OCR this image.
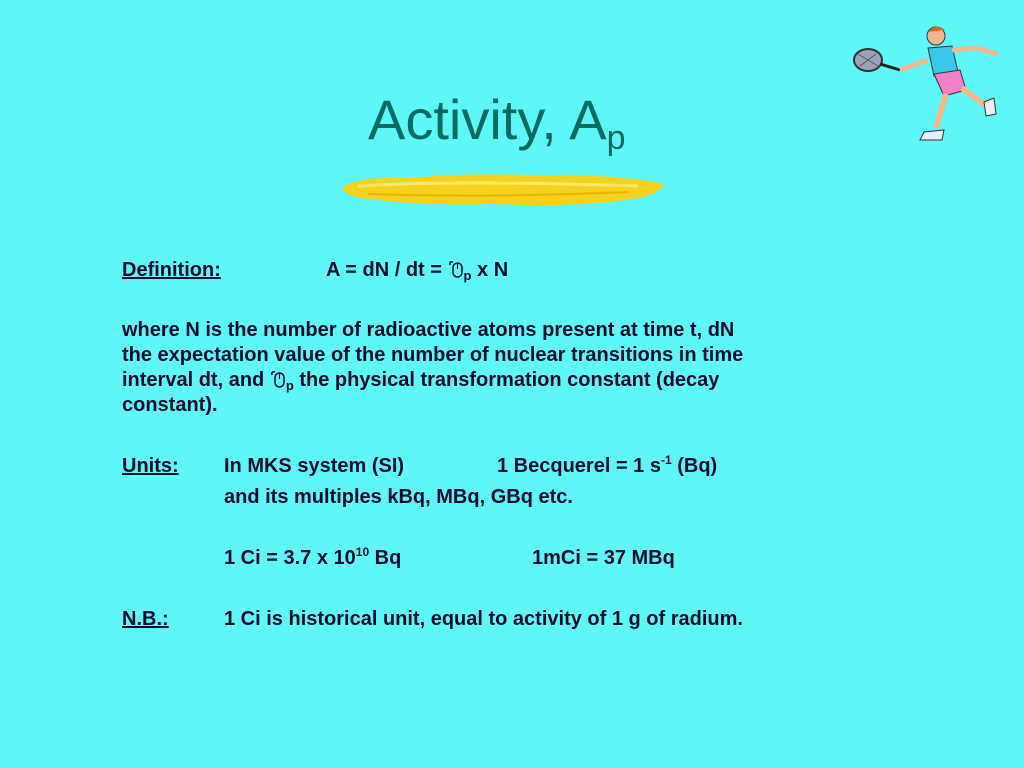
Activity, $A_p$
Definition:	A = dN / dt = $_p$ x N
where N is the number of radioactive atoms present at time t, dN
the expectation value of the number of nuclear transitions in time
interval dt, and $_p$ the physical transformation constant (decay
constant).
Units: In MKS system (SI)	1 Becquerel = 1 $s^{-1}$ (Bq)
and its multiples kBq, MBq, GBq etc.
1 Ci = 3.7 x $10^{10}$ Bq	1mCi = 37 MBq
N.B.:	1 Ci is historical unit, equal to activity of 1 g of radium.
